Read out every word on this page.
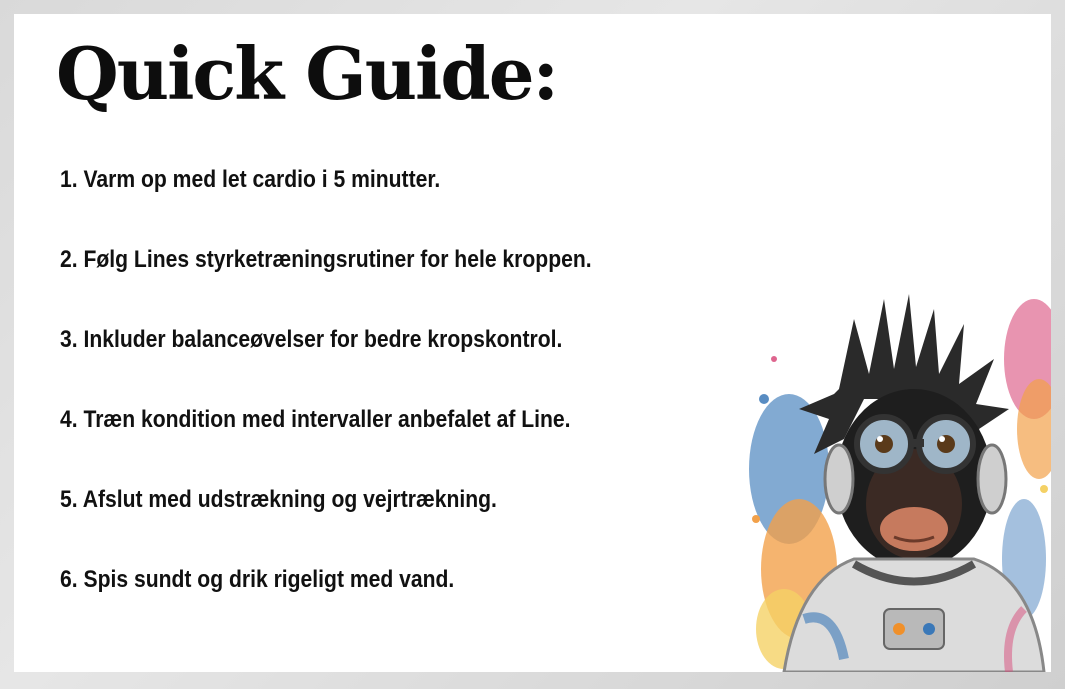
Quick Guide:
1. Varm op med let cardio i 5 minutter.
2. Følg Lines styrketræningsrutiner for hele kroppen.
3. Inkluder balanceøvelser for bedre kropskontrol.
4. Træn kondition med intervaller anbefalet af Line.
5. Afslut med udstrækning og vejrtrækning.
6. Spis sundt og drik rigeligt med vand.
